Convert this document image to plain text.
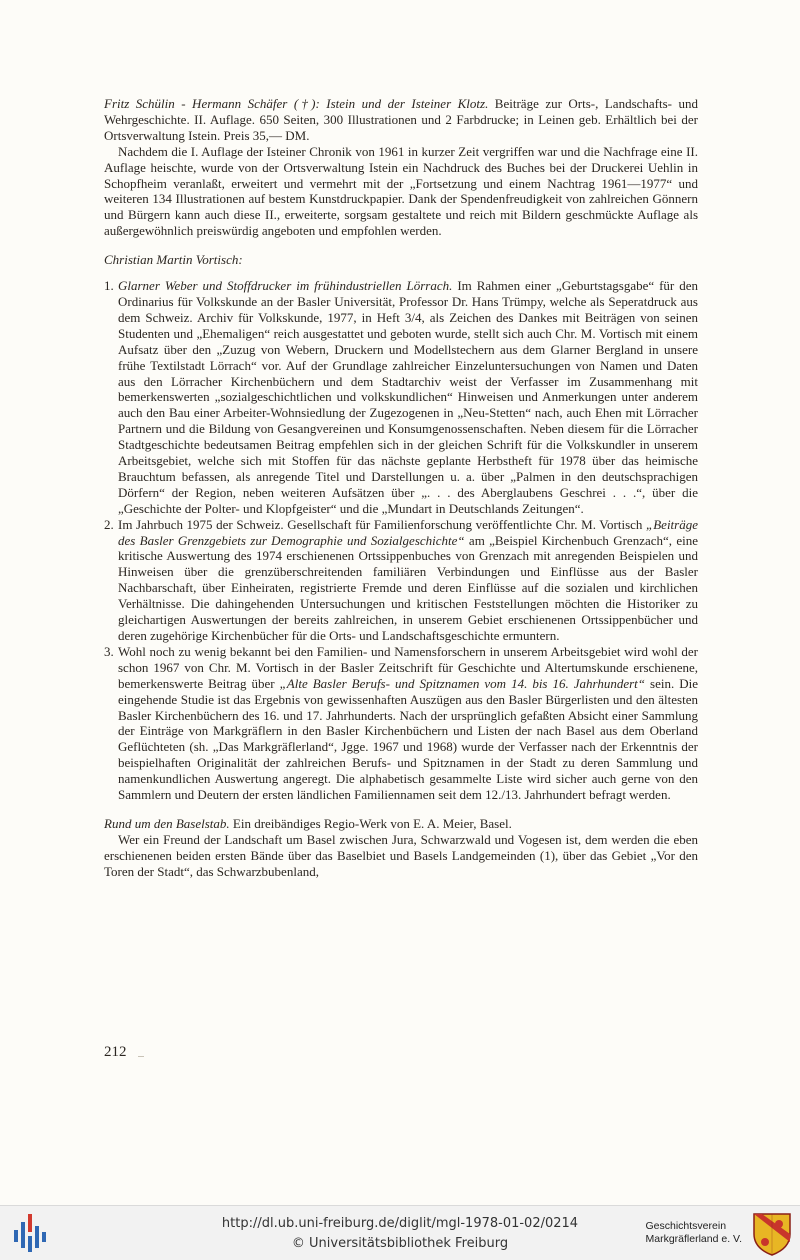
Fritz Schülin - Hermann Schäfer (†): Istein und der Isteiner Klotz. Beiträge zur Orts-, Landschafts- und Wehrgeschichte. II. Auflage. 650 Seiten, 300 Illustrationen und 2 Farbdrucke; in Leinen geb. Erhältlich bei der Ortsverwaltung Istein. Preis 35,— DM.

Nachdem die I. Auflage der Isteiner Chronik von 1961 in kurzer Zeit vergriffen war und die Nachfrage eine II. Auflage heischte, wurde von der Ortsverwaltung Istein ein Nachdruck des Buches bei der Druckerei Uehlin in Schopfheim veranlaßt, erweitert und vermehrt mit der „Fortsetzung und einem Nachtrag 1961—1977“ und weiteren 134 Illustrationen auf bestem Kunstdruckpapier. Dank der Spendenfreudigkeit von zahlreichen Gönnern und Bürgern kann auch diese II., erweiterte, sorgsam gestaltete und reich mit Bildern geschmückte Auflage als außergewöhnlich preiswürdig angeboten und empfohlen werden.

Christian Martin Vortisch:

1. Glarner Weber und Stoffdrucker im frühindustriellen Lörrach. Im Rahmen einer „Geburtstagsgabe“ für den Ordinarius für Volkskunde an der Basler Universität, Professor Dr. Hans Trümpy, welche als Seperatdruck aus dem Schweiz. Archiv für Volkskunde, 1977, in Heft 3/4, als Zeichen des Dankes mit Beiträgen von seinen Studenten und „Ehemaligen“ reich ausgestattet und geboten wurde, stellt sich auch Chr. M. Vortisch mit einem Aufsatz über den „Zuzug von Webern, Druckern und Modellstechern aus dem Glarner Bergland in unsere frühe Textilstadt Lörrach“ vor. Auf der Grundlage zahlreicher Einzeluntersuchungen von Namen und Daten aus den Lörracher Kirchenbüchern und dem Stadtarchiv weist der Verfasser im Zusammenhang mit bemerkenswerten „sozialgeschichtlichen und volkskundlichen“ Hinweisen und Anmerkungen unter anderem auch den Bau einer Arbeiter-Wohnsiedlung der Zugezogenen in „Neu-Stetten“ nach, auch Ehen mit Lörracher Partnern und die Bildung von Gesangvereinen und Konsumgenossenschaften. Neben diesem für die Lörracher Stadtgeschichte bedeutsamen Beitrag empfehlen sich in der gleichen Schrift für die Volkskundler in unserem Arbeitsgebiet, welche sich mit Stoffen für das nächste geplante Herbstheft für 1978 über das heimische Brauchtum befassen, als anregende Titel und Darstellungen u. a. über „Palmen in den deutschsprachigen Dörfern“ der Region, neben weiteren Aufsätzen über „. . . des Aberglaubens Geschrei . . .“, über die „Geschichte der Polter- und Klopfgeister“ und die „Mundart in Deutschlands Zeitungen“.
2. Im Jahrbuch 1975 der Schweiz. Gesellschaft für Familienforschung veröffentlichte Chr. M. Vortisch „Beiträge des Basler Grenzgebiets zur Demographie und Sozialgeschichte“ am „Beispiel Kirchenbuch Grenzach“, eine kritische Auswertung des 1974 erschienenen Ortssippenbuches von Grenzach mit anregenden Beispielen und Hinweisen über die grenzüberschreitenden familiären Verbindungen und Einflüsse aus der Basler Nachbarschaft, über Einheiraten, registrierte Fremde und deren Einflüsse auf die sozialen und kirchlichen Verhältnisse. Die dahingehenden Untersuchungen und kritischen Feststellungen möchten die Historiker zu gleichartigen Auswertungen der bereits zahlreichen, in unserem Gebiet erschienenen Ortssippenbücher und deren zugehörige Kirchenbücher für die Orts- und Landschaftsgeschichte ermuntern.
3. Wohl noch zu wenig bekannt bei den Familien- und Namensforschern in unserem Arbeitsgebiet wird wohl der schon 1967 von Chr. M. Vortisch in der Basler Zeitschrift für Geschichte und Altertumskunde erschienene, bemerkenswerte Beitrag über „Alte Basler Berufs- und Spitznamen vom 14. bis 16. Jahrhundert“ sein. Die eingehende Studie ist das Ergebnis von gewissenhaften Auszügen aus den Basler Bürgerlisten und den ältesten Basler Kirchenbüchern des 16. und 17. Jahrhunderts. Nach der ursprünglich gefaßten Absicht einer Sammlung der Einträge von Markgräflern in den Basler Kirchenbüchern und Listen der nach Basel aus dem Oberland Geflüchteten (sh. „Das Markgräflerland“, Jgge. 1967 und 1968) wurde der Verfasser nach der Erkenntnis der beispielhaften Originalität der zahlreichen Berufs- und Spitznamen in der Stadt zu deren Sammlung und namenkundlichen Auswertung angeregt. Die alphabetisch gesammelte Liste wird sicher auch gerne von den Sammlern und Deutern der ersten ländlichen Familiennamen seit dem 12./13. Jahrhundert befragt werden.

Rund um den Baselstab. Ein dreibändiges Regio-Werk von E. A. Meier, Basel.

Wer ein Freund der Landschaft um Basel zwischen Jura, Schwarzwald und Vogesen ist, dem werden die eben erschienenen beiden ersten Bände über das Baselbiet und Basels Landgemeinden (1), über das Gebiet „Vor den Toren der Stadt“, das Schwarzbubenland,

212
http://dl.ub.uni-freiburg.de/diglit/mgl-1978-01-02/0214
© Universitätsbibliothek Freiburg
Geschichtsverein
Markgräflerland e. V.
